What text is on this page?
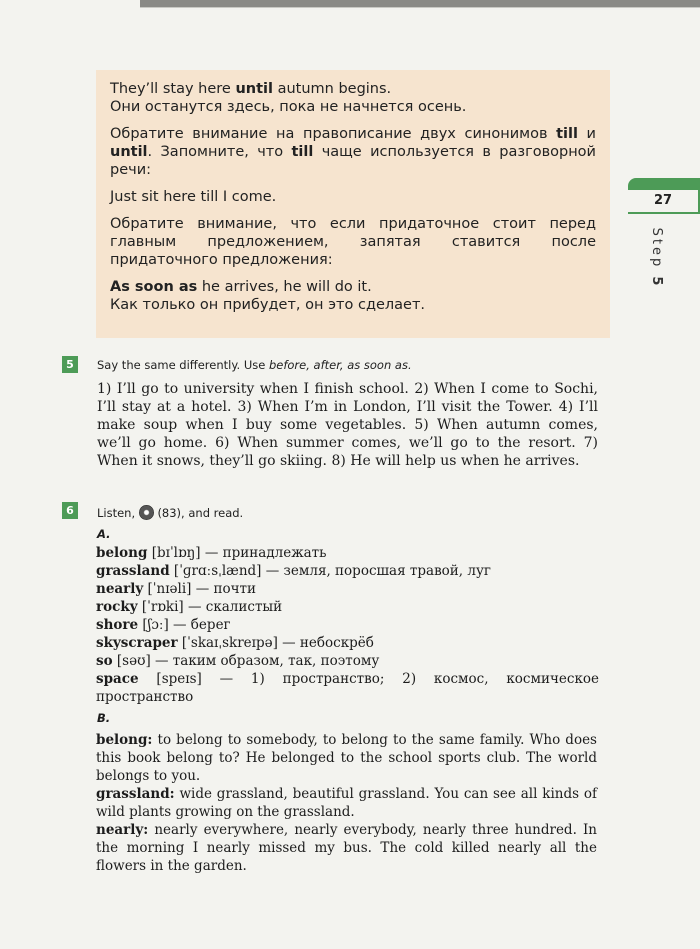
They’ll stay here until autumn begins.
Они останутся здесь, пока не начнется осень.

Обратите внимание на правописание двух синонимов till и until. Запомните, что till чаще используется в разговорной речи:

Just sit here till I come.

Обратите внимание, что если придаточное стоит перед главным предложением, запятая ставится после придаточного предложения:

As soon as he arrives, he will do it.
Как только он прибудет, он это сделает.

27
Step 5
5	Say the same differently. Use before, after, as soon as.
1) I’ll go to university when I finish school. 2) When I come to Sochi, I’ll stay at a hotel. 3) When I’m in London, I’ll visit the Tower. 4) I’ll make soup when I buy some vegetables. 5) When autumn comes, we’ll go home. 6) When summer comes, we’ll go to the resort. 7) When it snows, they’ll go skiing. 8) He will help us when he arrives.
6	Listen, (83), and read.
A.
belong [bɪˈlɒŋ] — принадлежать
grassland [ˈɡrɑːsˌlænd] — земля, поросшая травой, луг
nearly [ˈnɪəli] — почти
rocky [ˈrɒki] — скалистый
shore [ʃɔː] — берег
skyscraper [ˈskaɪˌskreɪpə] — небоскрёб
so [səʊ] — таким образом, так, поэтому
space [speɪs] — 1) пространство; 2) космос, космическое пространство
B.

belong: to belong to somebody, to belong to the same family. Who does this book belong to? He belonged to the school sports club. The world belongs to you.

grassland: wide grassland, beautiful grassland. You can see all kinds of wild plants growing on the grassland.

nearly: nearly everywhere, nearly everybody, nearly three hundred. In the morning I nearly missed my bus. The cold killed nearly all the flowers in the garden.
